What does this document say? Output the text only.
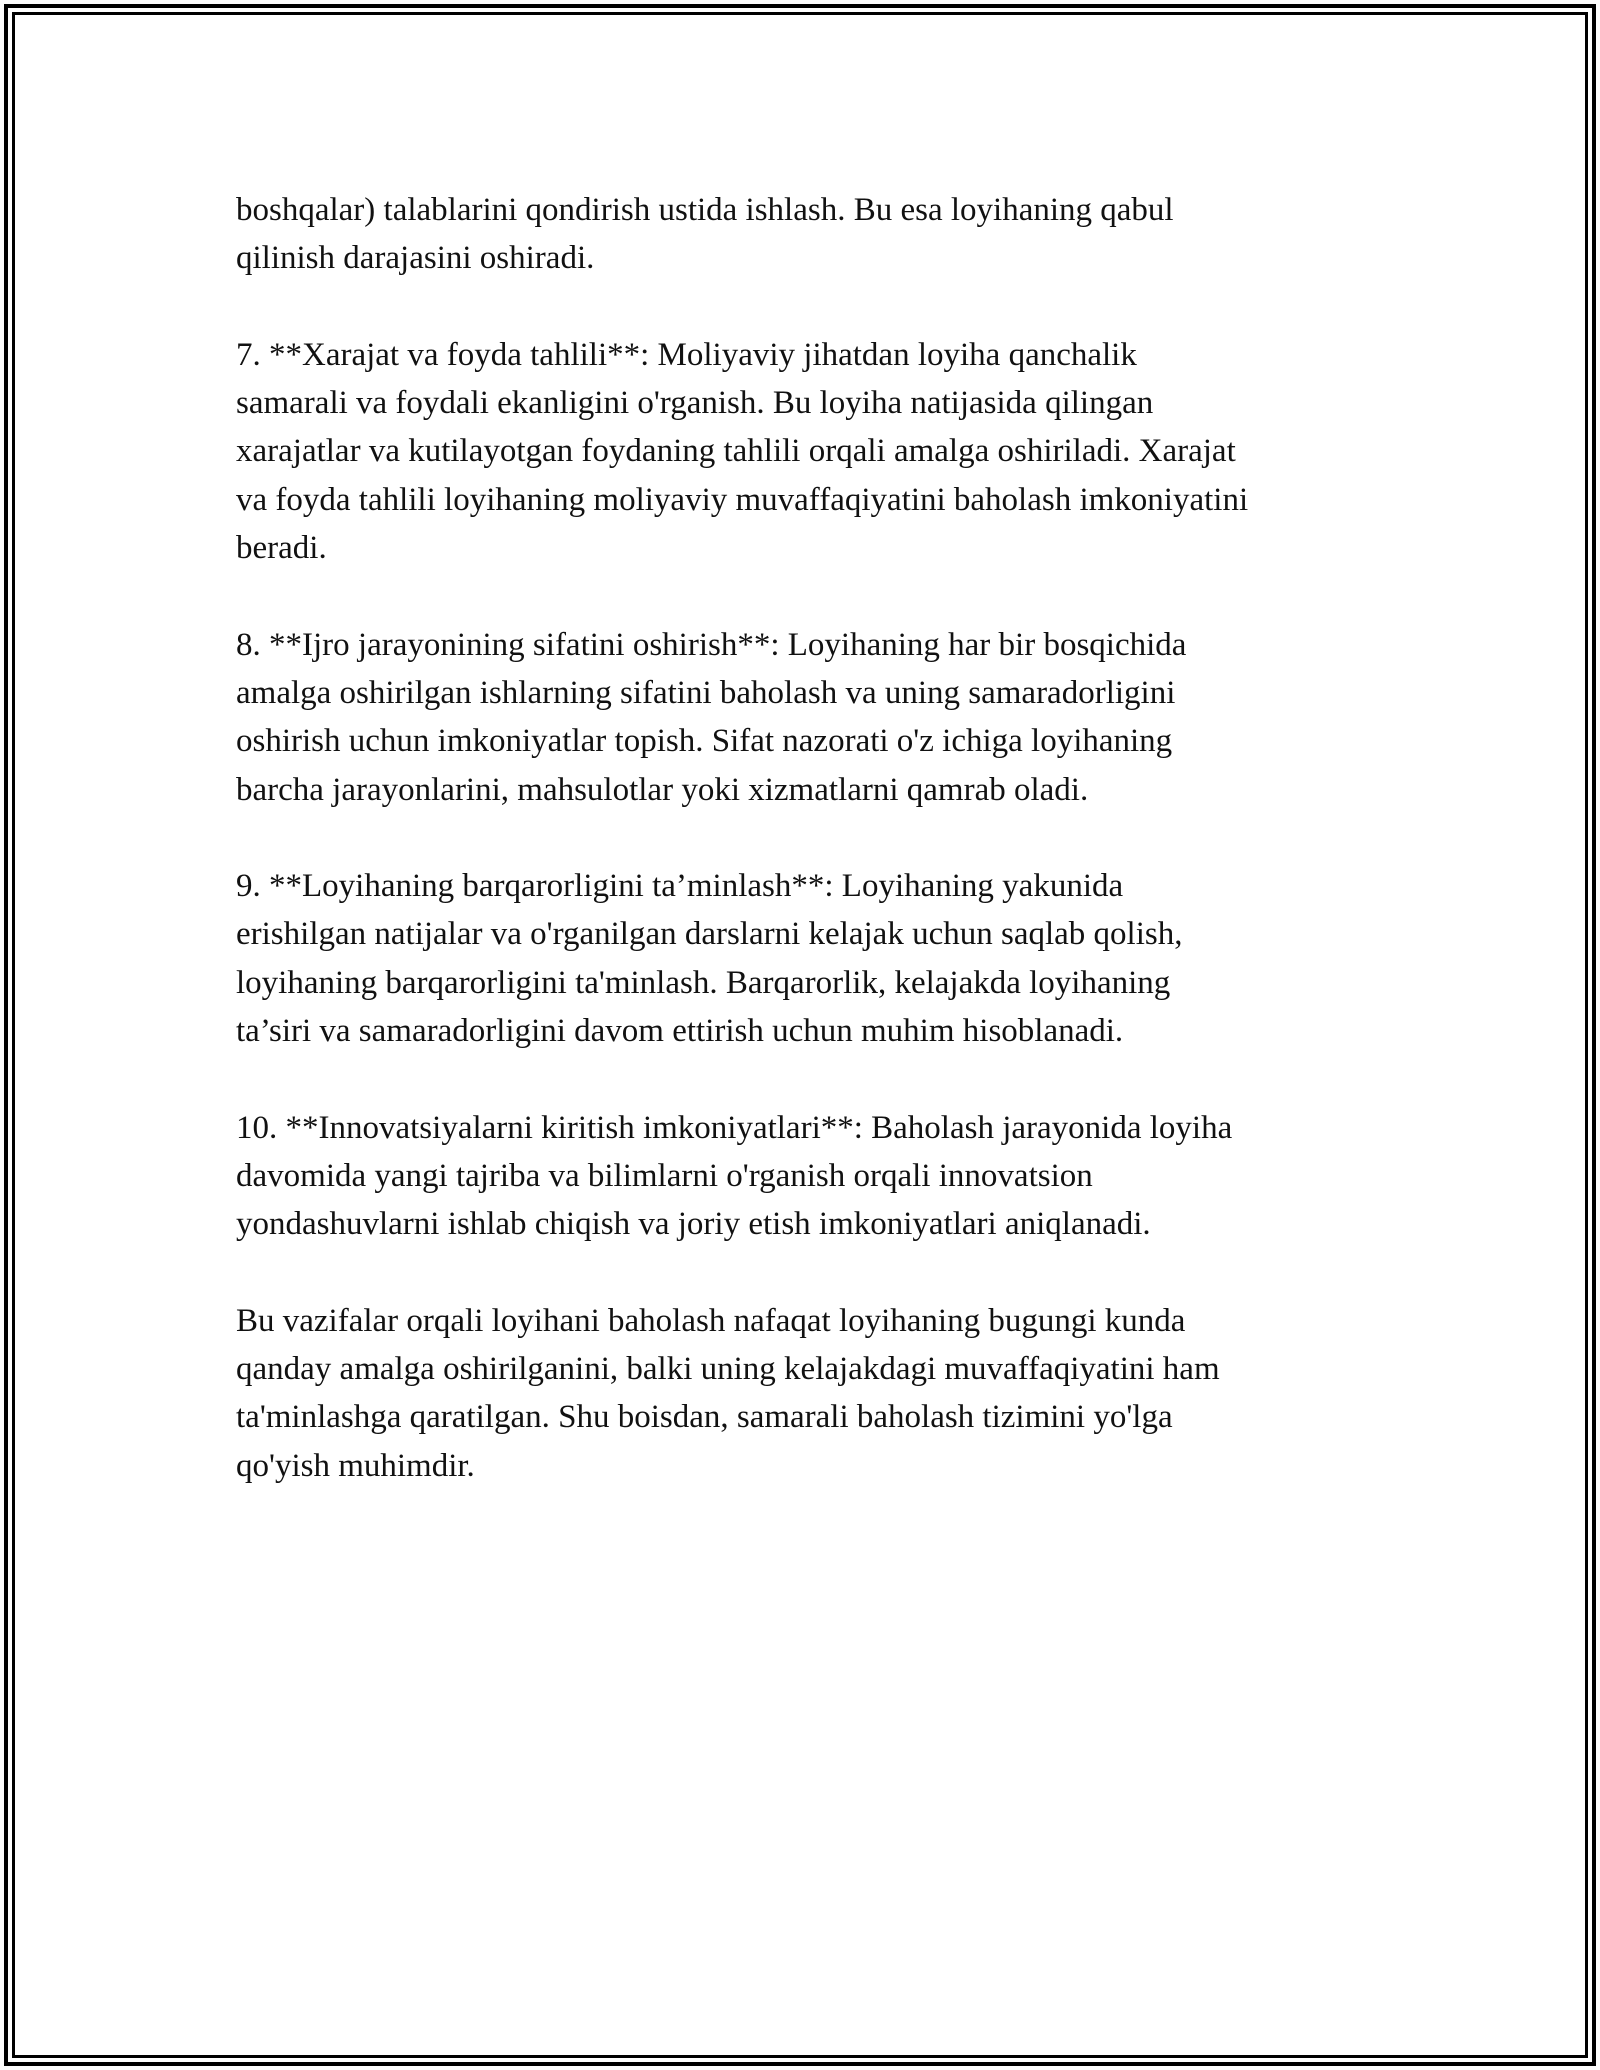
boshqalar) talablarini qondirish ustida ishlash. Bu esa loyihaning qabul
qilinish darajasini oshiradi.

7. **Xarajat va foyda tahlili**: Moliyaviy jihatdan loyiha qanchalik
samarali va foydali ekanligini o'rganish. Bu loyiha natijasida qilingan
xarajatlar va kutilayotgan foydaning tahlili orqali amalga oshiriladi. Xarajat
va foyda tahlili loyihaning moliyaviy muvaffaqiyatini baholash imkoniyatini
beradi.

8. **Ijro jarayonining sifatini oshirish**: Loyihaning har bir bosqichida
amalga oshirilgan ishlarning sifatini baholash va uning samaradorligini
oshirish uchun imkoniyatlar topish. Sifat nazorati o'z ichiga loyihaning
barcha jarayonlarini, mahsulotlar yoki xizmatlarni qamrab oladi.

9. **Loyihaning barqarorligini ta’minlash**: Loyihaning yakunida
erishilgan natijalar va o'rganilgan darslarni kelajak uchun saqlab qolish,
loyihaning barqarorligini ta'minlash. Barqarorlik, kelajakda loyihaning
ta’siri va samaradorligini davom ettirish uchun muhim hisoblanadi.

10. **Innovatsiyalarni kiritish imkoniyatlari**: Baholash jarayonida loyiha
davomida yangi tajriba va bilimlarni o'rganish orqali innovatsion
yondashuvlarni ishlab chiqish va joriy etish imkoniyatlari aniqlanadi.

Bu vazifalar orqali loyihani baholash nafaqat loyihaning bugungi kunda
qanday amalga oshirilganini, balki uning kelajakdagi muvaffaqiyatini ham
ta'minlashga qaratilgan. Shu boisdan, samarali baholash tizimini yo'lga
qo'yish muhimdir.
